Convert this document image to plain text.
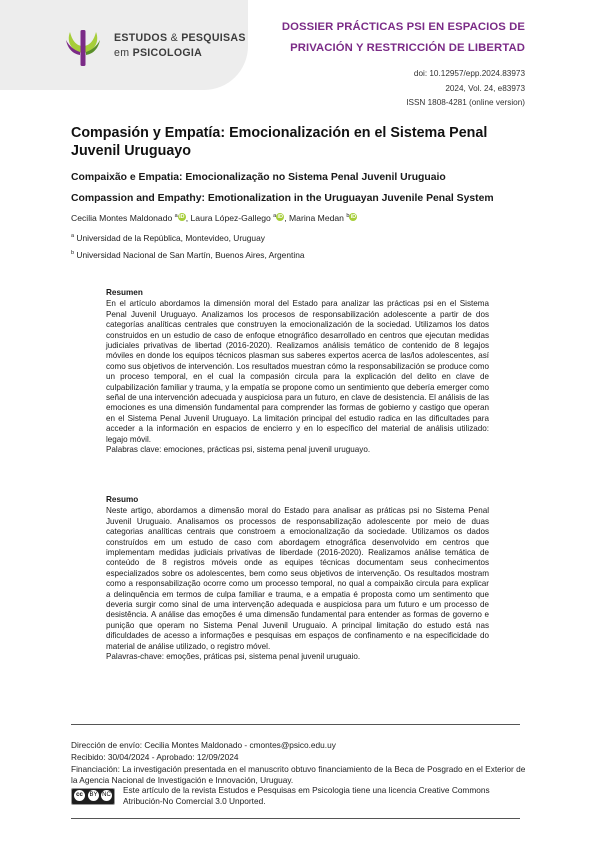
ESTUDOS & PESQUISAS
em PSICOLOGIA
DOSSIER PRÁCTICAS PSI EN ESPACIOS DE
PRIVACIÓN Y RESTRICCIÓN DE LIBERTAD
doi: 10.12957/epp.2024.83973
2024, Vol. 24, e83973
ISSN 1808-4281 (online version)
Compasión y Empatía: Emocionalización en el Sistema Penal Juvenil Uruguayo
Compaixão e Empatia: Emocionalização no Sistema Penal Juvenil Uruguaio
Compassion and Empathy: Emotionalization in the Uruguayan Juvenile Penal System
Cecilia Montes Maldonado $^a$iD, Laura López-Gallego $^a$iD, Marina Medan $^b$iD
$^a$ Universidad de la República, Montevideo, Uruguay
$^b$ Universidad Nacional de San Martín, Buenos Aires, Argentina
Resumen

En el artículo abordamos la dimensión moral del Estado para analizar las prácticas psi en el Sistema Penal Juvenil Uruguayo. Analizamos los procesos de responsabilización adolescente a partir de dos categorías analíticas centrales que construyen la emocionalización de la sociedad. Utilizamos los datos construidos en un estudio de caso de enfoque etnográfico desarrollado en centros que ejecutan medidas judiciales privativas de libertad (2016-2020). Realizamos análisis temático de contenido de 8 legajos móviles en donde los equipos técnicos plasman sus saberes expertos acerca de las/los adolescentes, así como sus objetivos de intervención. Los resultados muestran cómo la responsabilización se produce como un proceso temporal, en el cual la compasión circula para la explicación del delito en clave de culpabilización familiar y trauma, y la empatía se propone como un sentimiento que debería emerger como señal de una intervención adecuada y auspiciosa para un futuro, en clave de desistencia. El análisis de las emociones es una dimensión fundamental para comprender las formas de gobierno y castigo que operan en el Sistema Penal Juvenil Uruguayo. La limitación principal del estudio radica en las dificultades para acceder a la información en espacios de encierro y en lo específico del material de análisis utilizado: legajo móvil.

Palabras clave: emociones, prácticas psi, sistema penal juvenil uruguayo.

Resumo

Neste artigo, abordamos a dimensão moral do Estado para analisar as práticas psi no Sistema Penal Juvenil Uruguaio. Analisamos os processos de responsabilização adolescente por meio de duas categorias analíticas centrais que constroem a emocionalização da sociedade. Utilizamos os dados construídos em um estudo de caso com abordagem etnográfica desenvolvido em centros que implementam medidas judiciais privativas de liberdade (2016-2020). Realizamos análise temática de conteúdo de 8 registros móveis onde as equipes técnicas documentam seus conhecimentos especializados sobre os adolescentes, bem como seus objetivos de intervenção. Os resultados mostram como a responsabilização ocorre como um processo temporal, no qual a compaixão circula para explicar a delinquência em termos de culpa familiar e trauma, e a empatia é proposta como um sentimento que deveria surgir como sinal de uma intervenção adequada e auspiciosa para um futuro e um processo de desistência. A análise das emoções é uma dimensão fundamental para entender as formas de governo e punição que operam no Sistema Penal Juvenil Uruguaio. A principal limitação do estudo está nas dificuldades de acesso a informações e pesquisas em espaços de confinamento e na especificidade do material de análise utilizado, o registro móvel.

Palavras-chave: emoções, práticas psi, sistema penal juvenil uruguaio.

Dirección de envío: Cecilia Montes Maldonado - cmontes@psico.edu.uy
Recibido: 30/04/2024 - Aprobado: 12/09/2024
Financiación: La investigación presentada en el manuscrito obtuvo financiamiento de la Beca de Posgrado en el Exterior de la Agencia Nacional de Investigación e Innovación, Uruguay.
cc	BY NC Este artículo de la revista Estudos e Pesquisas em Psicologia tiene una licencia Creative Commons Atribución-No Comercial 3.0 Unported.
